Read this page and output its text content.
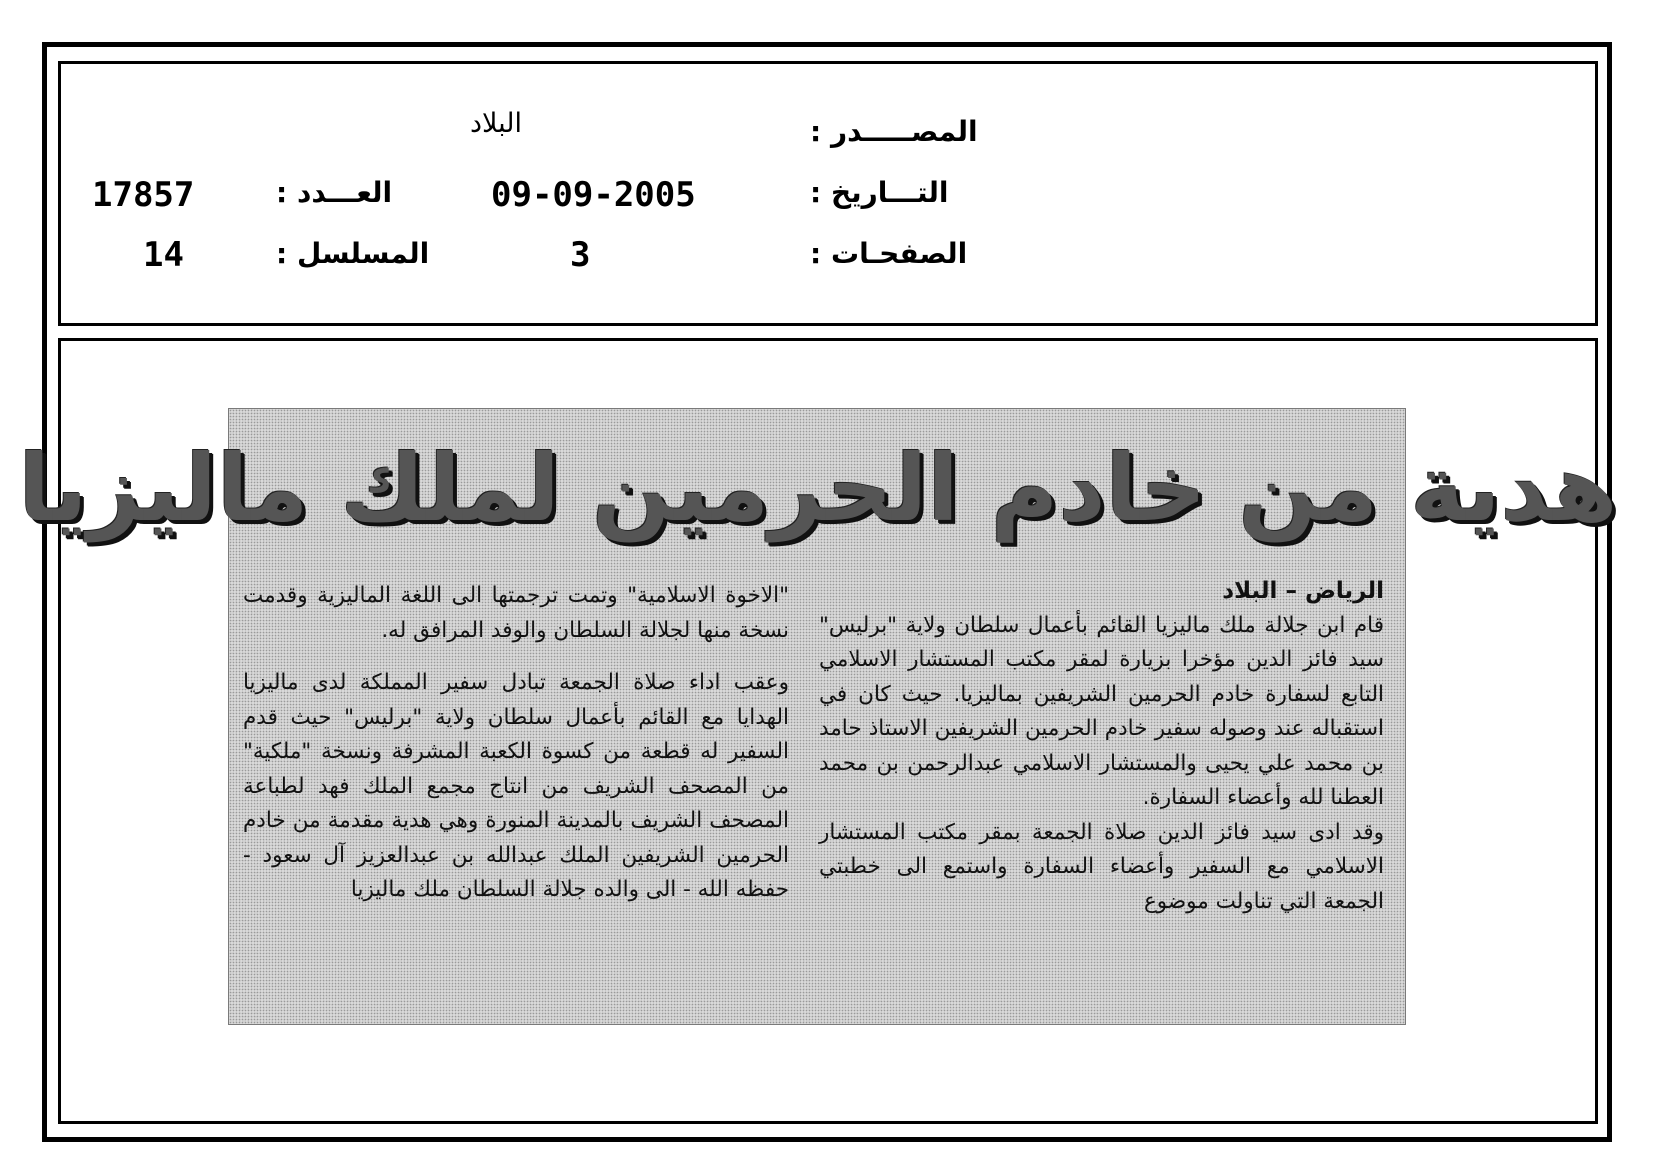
المصـــــدر :
البلاد
التـــاريخ :
09-09-2005
العـــدد :
17857
الصفحـات :
3
المسلسل :
14
هدية من خادم الحرمين لملك ماليزيا

الرياض – البلاد

قام ابن جلالة ملك ماليزيا القائم بأعمال سلطان ولاية "برليس" سيد فائز الدين مؤخرا بزيارة لمقر مكتب المستشار الاسلامي التابع لسفارة خادم الحرمين الشريفين بماليزيا. حيث كان في استقباله عند وصوله سفير خادم الحرمين الشريفين الاستاذ حامد بن محمد علي يحيى والمستشار الاسلامي عبدالرحمن بن محمد العطنا لله وأعضاء السفارة.

وقد ادى سيد فائز الدين صلاة الجمعة بمقر مكتب المستشار الاسلامي مع السفير وأعضاء السفارة واستمع الى خطبتي الجمعة التي تناولت موضوع

"الاخوة الاسلامية" وتمت ترجمتها الى اللغة الماليزية وقدمت نسخة منها لجلالة السلطان والوفد المرافق له.

وعقب اداء صلاة الجمعة تبادل سفير المملكة لدى ماليزيا الهدايا مع القائم بأعمال سلطان ولاية "برليس" حيث قدم السفير له قطعة من كسوة الكعبة المشرفة ونسخة "ملكية" من المصحف الشريف من انتاج مجمع الملك فهد لطباعة المصحف الشريف بالمدينة المنورة وهي هدية مقدمة من خادم الحرمين الشريفين الملك عبدالله بن عبدالعزيز آل سعود - حفظه الله - الى والده جلالة السلطان ملك ماليزيا
